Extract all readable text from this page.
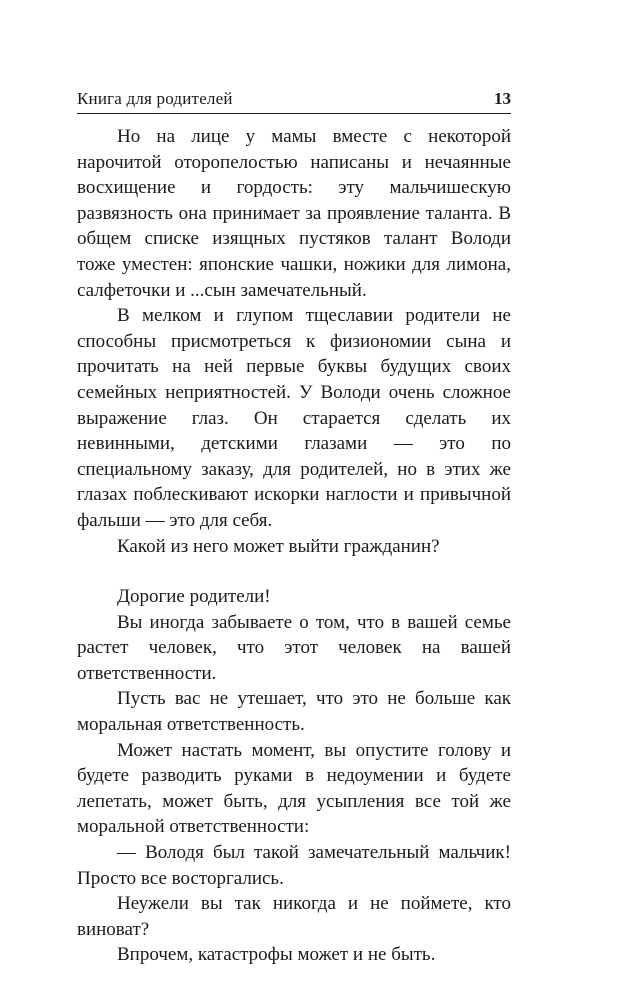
Книга для родителей	13

Но на лице у мамы вместе с некоторой нарочитой оторопелостью написаны и нечаянные восхищение и гордость: эту мальчишескую развязность она принимает за проявление таланта. В общем списке изящных пустяков талант Володи тоже уместен: японские чашки, ножики для лимона, салфеточки и ...сын замечательный.

В мелком и глупом тщеславии родители не способны присмотреться к физиономии сына и прочитать на ней первые буквы будущих своих семейных неприятностей. У Володи очень сложное выражение глаз. Он старается сделать их невинными, детскими глазами — это по специальному заказу, для родителей, но в этих же глазах поблескивают искорки наглости и привычной фальши — это для себя.

Какой из него может выйти гражданин?

Дорогие родители!

Вы иногда забываете о том, что в вашей семье растет человек, что этот человек на вашей ответственности.

Пусть вас не утешает, что это не больше как моральная ответственность.

Может настать момент, вы опустите голову и будете разводить руками в недоумении и будете лепетать, может быть, для усыпления все той же моральной ответственности:

— Володя был такой замечательный мальчик! Просто все восторгались.

Неужели вы так никогда и не поймете, кто виноват?

Впрочем, катастрофы может и не быть.
